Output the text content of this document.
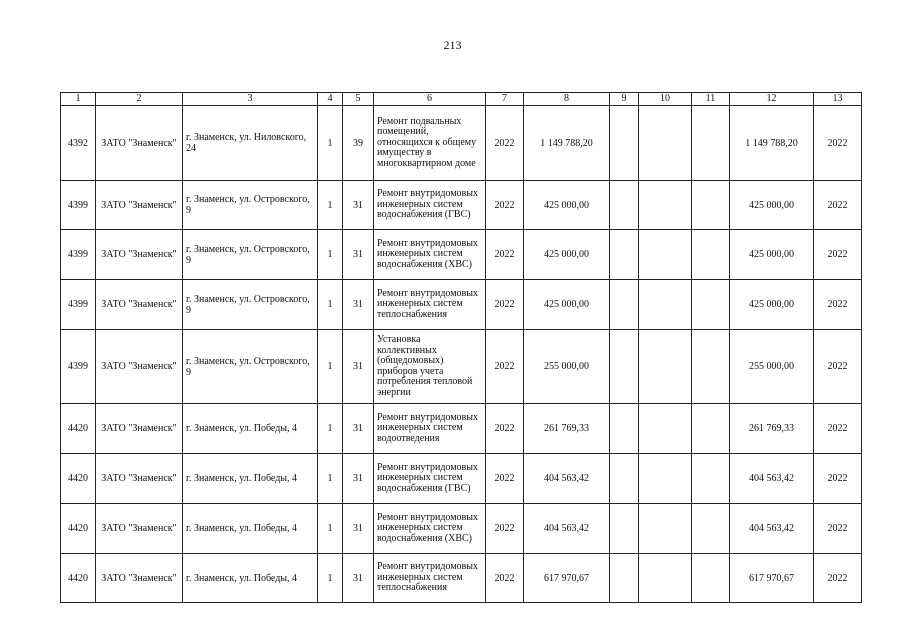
213
1	2	3	4	5	6	7	8	9	10	11	12	13
4392	ЗАТО "Знаменск"	г. Знаменск, ул. Ниловского, 24	1	39	Ремонт подвальных помещений, относящихся к общему имуществу в многоквартирном доме	2022	1 149 788,20				1 149 788,20	2022
4399	ЗАТО "Знаменск"	г. Знаменск, ул. Островского, 9	1	31	Ремонт внутридомовых инженерных систем водоснабжения (ГВС)	2022	425 000,00				425 000,00	2022
4399	ЗАТО "Знаменск"	г. Знаменск, ул. Островского, 9	1	31	Ремонт внутридомовых инженерных систем водоснабжения (ХВС)	2022	425 000,00				425 000,00	2022
4399	ЗАТО "Знаменск"	г. Знаменск, ул. Островского, 9	1	31	Ремонт внутридомовых инженерных систем теплоснабжения	2022	425 000,00				425 000,00	2022
4399	ЗАТО "Знаменск"	г. Знаменск, ул. Островского, 9	1	31	Установка коллективных (общедомовых) приборов учета потребления тепловой энергии	2022	255 000,00				255 000,00	2022
4420	ЗАТО "Знаменск"	г. Знаменск, ул. Победы, 4	1	31	Ремонт внутридомовых инженерных систем водоотведения	2022	261 769,33				261 769,33	2022
4420	ЗАТО "Знаменск"	г. Знаменск, ул. Победы, 4	1	31	Ремонт внутридомовых инженерных систем водоснабжения (ГВС)	2022	404 563,42				404 563,42	2022
4420	ЗАТО "Знаменск"	г. Знаменск, ул. Победы, 4	1	31	Ремонт внутридомовых инженерных систем водоснабжения (ХВС)	2022	404 563,42				404 563,42	2022
4420	ЗАТО "Знаменск"	г. Знаменск, ул. Победы, 4	1	31	Ремонт внутридомовых инженерных систем теплоснабжения	2022	617 970,67				617 970,67	2022
